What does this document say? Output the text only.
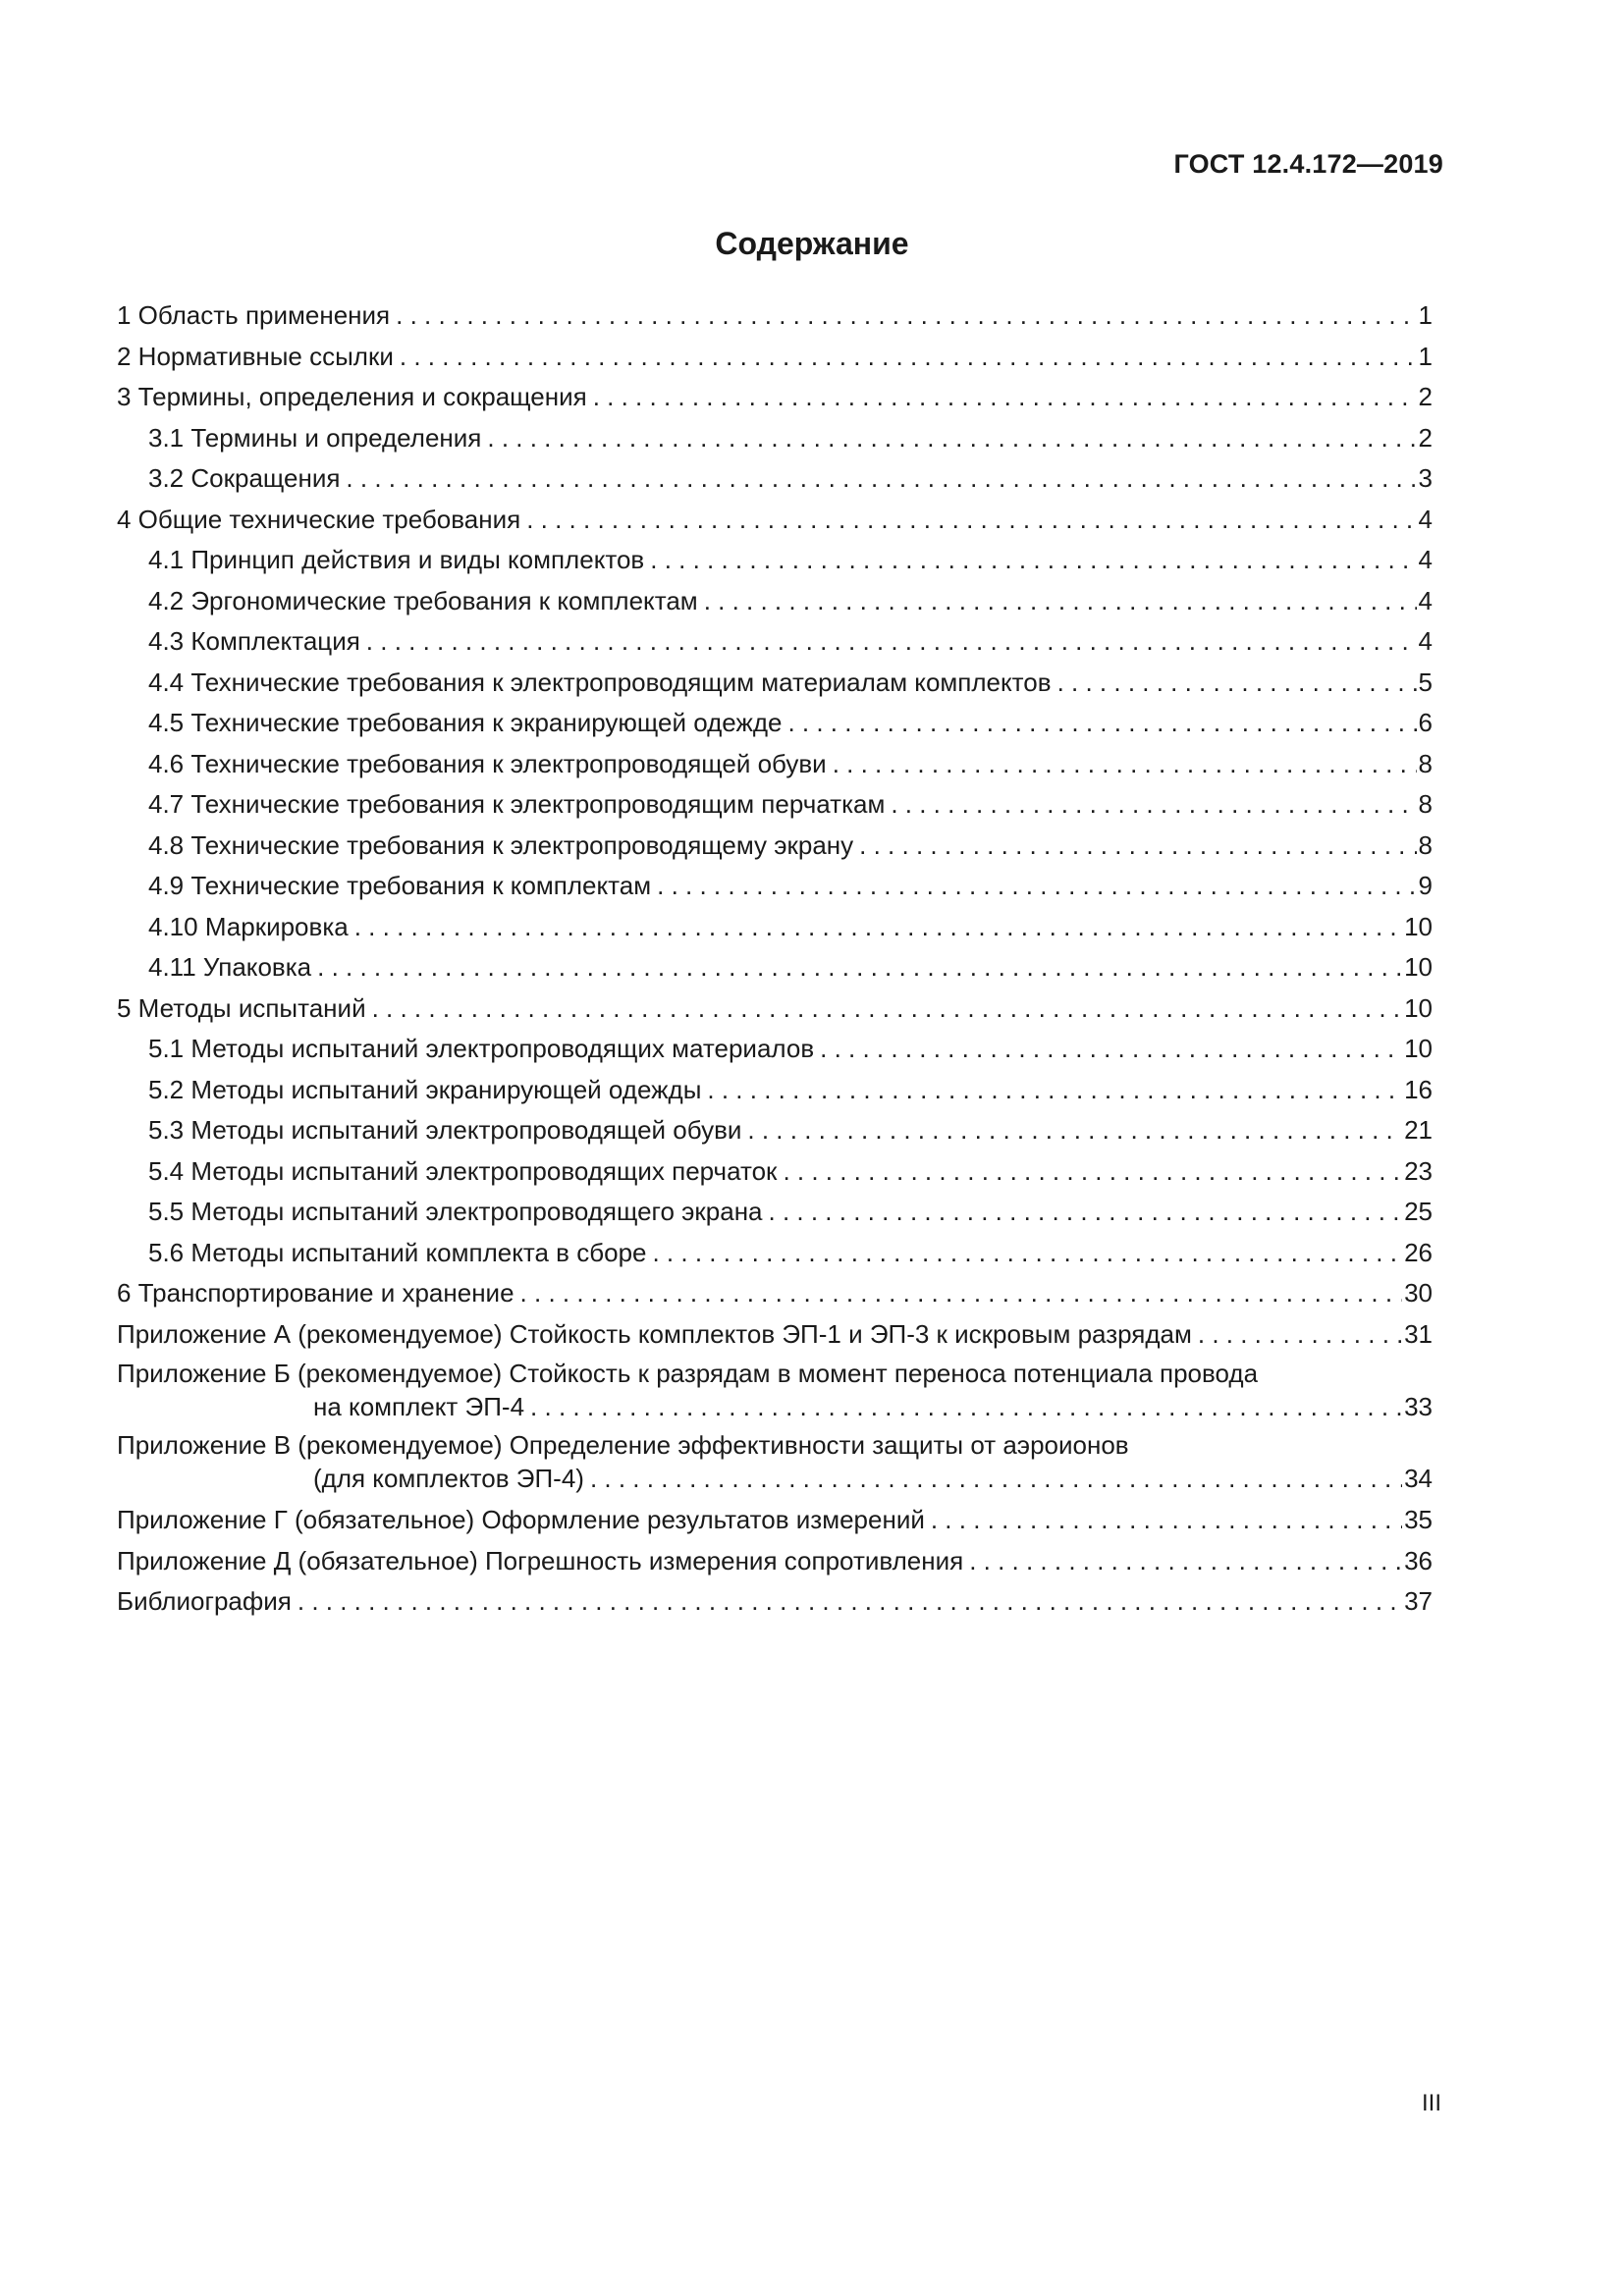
ГОСТ 12.4.172—2019
Содержание
1 Область применения . . .	1
2 Нормативные ссылки . . .	1
3 Термины, определения и сокращения . . .	2
3.1 Термины и определения . . .	2
3.2 Сокращения . . .	3
4 Общие технические требования . . .	4
4.1 Принцип действия и виды комплектов . . .	4
4.2 Эргономические требования к комплектам . . .	4
4.3 Комплектация . . .	4
4.4 Технические требования к электропроводящим материалам комплектов . . .	5
4.5 Технические требования к экранирующей одежде . . .	6
4.6 Технические требования к электропроводящей обуви . . .	8
4.7 Технические требования к электропроводящим перчаткам . . .	8
4.8 Технические требования к электропроводящему экрану . . .	8
4.9 Технические требования к комплектам . . .	9
4.10 Маркировка . . .	10
4.11 Упаковка . . .	10
5 Методы испытаний . . .	10
5.1 Методы испытаний электропроводящих материалов . . .	10
5.2 Методы испытаний экранирующей одежды . . .	16
5.3 Методы испытаний электропроводящей обуви . . .	21
5.4 Методы испытаний электропроводящих перчаток . . .	23
5.5 Методы испытаний электропроводящего экрана . . .	25
5.6 Методы испытаний комплекта в сборе . . .	26
6 Транспортирование и хранение . . .	30
Приложение А (рекомендуемое) Стойкость комплектов ЭП-1 и ЭП-3 к искровым разрядам . . .	31
Приложение Б (рекомендуемое) Стойкость к разрядам в момент переноса потенциала провода
на комплект ЭП-4 . . .	33
Приложение В (рекомендуемое) Определение эффективности защиты от аэроионов
(для комплектов ЭП-4) . . .	34
Приложение Г (обязательное) Оформление результатов измерений . . .	35
Приложение Д (обязательное) Погрешность измерения сопротивления . . .	36
Библиография . . .	37
III
